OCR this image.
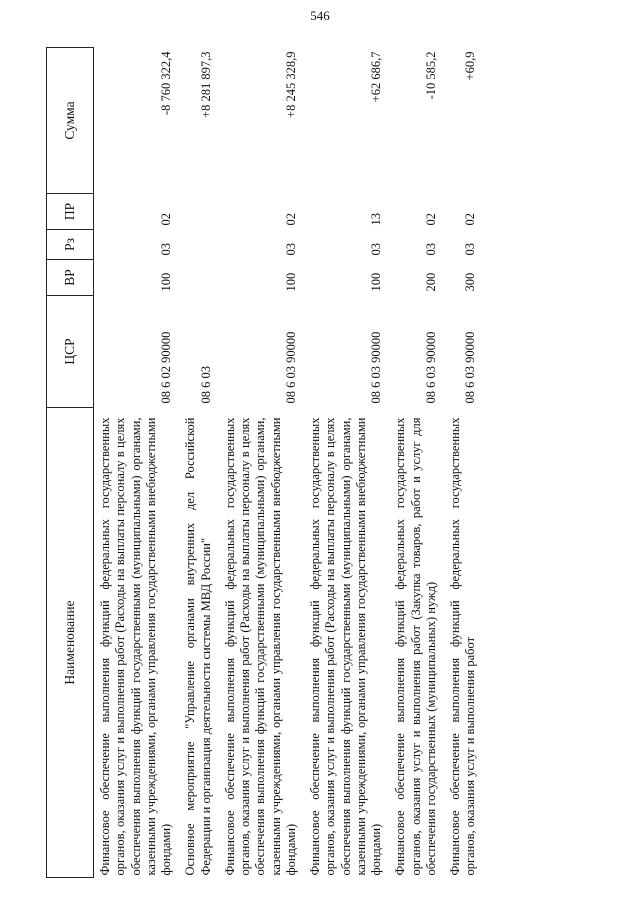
546
Наименование	ЦСР	ВР	Рз	ПР	Сумма
Финансовое обеспечение выполнения функций федеральных государственных органов, оказания услуг и выполнения работ (Расходы на выплаты персоналу в целях обеспечения выполнения функций государственными (муниципальными) органами, казенными учреждениями, органами управления государственными внебюджетными фондами)	08 6 02 90000	100	03	02	-8 760 322,4
Основное мероприятие "Управление органами внутренних дел Российской Федерации и организация деятельности системы МВД России"	08 6 03				+8 281 897,3
Финансовое обеспечение выполнения функций федеральных государственных органов, оказания услуг и выполнения работ (Расходы на выплаты персоналу в целях обеспечения выполнения функций государственными (муниципальными) органами, казенными учреждениями, органами управления государственными внебюджетными фондами)	08 6 03 90000	100	03	02	+8 245 328,9
Финансовое обеспечение выполнения функций федеральных государственных органов, оказания услуг и выполнения работ (Расходы на выплаты персоналу в целях обеспечения выполнения функций государственными (муниципальными) органами, казенными учреждениями, органами управления государственными внебюджетными фондами)	08 6 03 90000	100	03	13	+62 686,7
Финансовое обеспечение выполнения функций федеральных государственных органов, оказания услуг и выполнения работ (Закупка товаров, работ и услуг для обеспечения государственных (муниципальных) нужд)	08 6 03 90000	200	03	02	-10 585,2
Финансовое обеспечение выполнения функций федеральных государственных органов, оказания услуг и выполнения работ	08 6 03 90000	300	03	02	+60,9
